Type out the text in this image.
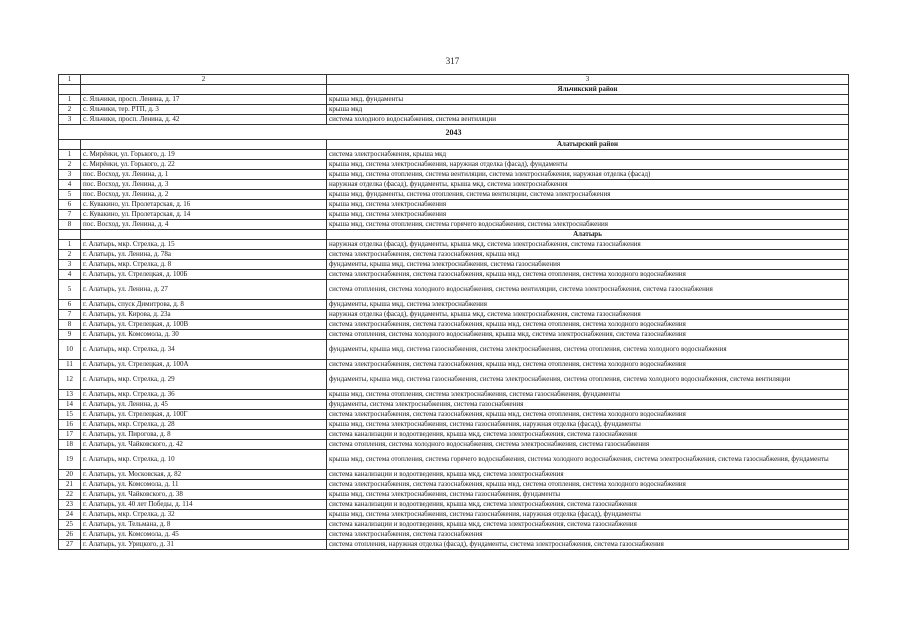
317
1	2	3
		Яльчикский район
1	с. Яльчики, просп. Ленина, д. 17	крыша мкд, фундаменты
2	с. Яльчики, тер. РТП, д. 3	крыша мкд
3	с. Яльчики, просп. Ленина, д. 42	система холодного водоснабжения, система вентиляции
2043		
		Алатырский район
1	с. Мирёнки, ул. Горького, д. 19	система электроснабжения, крыша мкд
2	с. Мирёнки, ул. Горького, д. 22	крыша мкд, система электроснабжения, наружная отделка (фасад), фундаменты
3	пос. Восход, ул. Ленина, д. 1	крыша мкд, система отопления, система вентиляции, система электроснабжения, наружная отделка (фасад)
4	пос. Восход, ул. Ленина, д. 3	наружная отделка (фасад), фундаменты, крыша мкд, система электроснабжения
5	пос. Восход, ул. Ленина, д. 2	крыша мкд, фундаменты, система отопления, система вентиляции, система электроснабжения
6	с. Кувакино, ул. Пролетарская, д. 16	крыша мкд, система электроснабжения
7	с. Кувакино, ул. Пролетарская, д. 14	крыша мкд, система электроснабжения
8	пос. Восход, ул. Ленина, д. 4	крыша мкд, система отопления, система горячего водоснабжения, система электроснабжения
		Алатырь
1	г. Алатырь, мкр. Стрелка, д. 15	наружная отделка (фасад), фундаменты, крыша мкд, система электроснабжения, система газоснабжения
2	г. Алатырь, ул. Ленина, д. 78а	система электроснабжения, система газоснабжения, крыша мкд
3	г. Алатырь, мкр. Стрелка, д. 8	фундаменты, крыша мкд, система электроснабжения, система газоснабжения
4	г. Алатырь, ул. Стрелецкая, д. 100Б	система электроснабжения, система газоснабжения, крыша мкд, система отопления, система холодного водоснабжения
5	г. Алатырь, ул. Ленина, д. 27	система отопления, система холодного водоснабжения, система вентиляции, система электроснабжения, система газоснабжения
6	г. Алатырь, спуск Димитрова, д. 8	фундаменты, крыша мкд, система электроснабжения
7	г. Алатырь, ул. Кирова, д. 23а	наружная отделка (фасад), фундаменты, крыша мкд, система электроснабжения, система газоснабжения
8	г. Алатырь, ул. Стрелецкая, д. 100В	система электроснабжения, система газоснабжения, крыша мкд, система отопления, система холодного водоснабжения
9	г. Алатырь, ул. Комсомола, д. 30	система отопления, система холодного водоснабжения, крыша мкд, система электроснабжения, система газоснабжения
10	г. Алатырь, мкр. Стрелка, д. 34	фундаменты, крыша мкд, система газоснабжения, система электроснабжения, система отопления, система холодного водоснабжения
11	г. Алатырь, ул. Стрелецкая, д. 100А	система электроснабжения, система газоснабжения, крыша мкд, система отопления, система холодного водоснабжения
12	г. Алатырь, мкр. Стрелка, д. 29	фундаменты, крыша мкд, система газоснабжения, система электроснабжения, система отопления, система холодного водоснабжения, система вентиляции
13	г. Алатырь, мкр. Стрелка, д. 36	крыша мкд, система отопления, система электроснабжения, система газоснабжения, фундаменты
14	г. Алатырь, ул. Ленина, д. 45	фундаменты, система электроснабжения, система газоснабжения
15	г. Алатырь, ул. Стрелецкая, д. 100Г	система электроснабжения, система газоснабжения, крыша мкд, система отопления, система холодного водоснабжения
16	г. Алатырь, мкр. Стрелка, д. 28	крыша мкд, система электроснабжения, система газоснабжения, наружная отделка (фасад), фундаменты
17	г. Алатырь, ул. Пирогова, д. 8	система канализации и водоотведения, крыша мкд, система электроснабжения, система газоснабжения
18	г. Алатырь, ул. Чайковского, д. 42	система отопления, система холодного водоснабжения, система электроснабжения, система газоснабжения
19	г. Алатырь, мкр. Стрелка, д. 10	крыша мкд, система отопления, система горячего водоснабжения, система холодного водоснабжения, система электроснабжения, система газоснабжения, фундаменты
20	г. Алатырь, ул. Московская, д. 82	система канализации и водоотведения, крыша мкд, система электроснабжения
21	г. Алатырь, ул. Комсомола, д. 11	система электроснабжения, система газоснабжения, крыша мкд, система отопления, система холодного водоснабжения
22	г. Алатырь, ул. Чайковского, д. 38	крыша мкд, система электроснабжения, система газоснабжения, фундаменты
23	г. Алатырь, ул. 40 лет Победы, д. 114	система канализации и водоотведения, крыша мкд, система электроснабжения, система газоснабжения
24	г. Алатырь, мкр. Стрелка, д. 32	крыша мкд, система электроснабжения, система газоснабжения, наружная отделка (фасад), фундаменты
25	г. Алатырь, ул. Тельмана, д. 8	система канализации и водоотведения, крыша мкд, система электроснабжения, система газоснабжения
26	г. Алатырь, ул. Комсомола, д. 45	система электроснабжения, система газоснабжения
27	г. Алатырь, ул. Урицкого, д. 31	система отопления, наружная отделка (фасад), фундаменты, система электроснабжения, система газоснабжения
